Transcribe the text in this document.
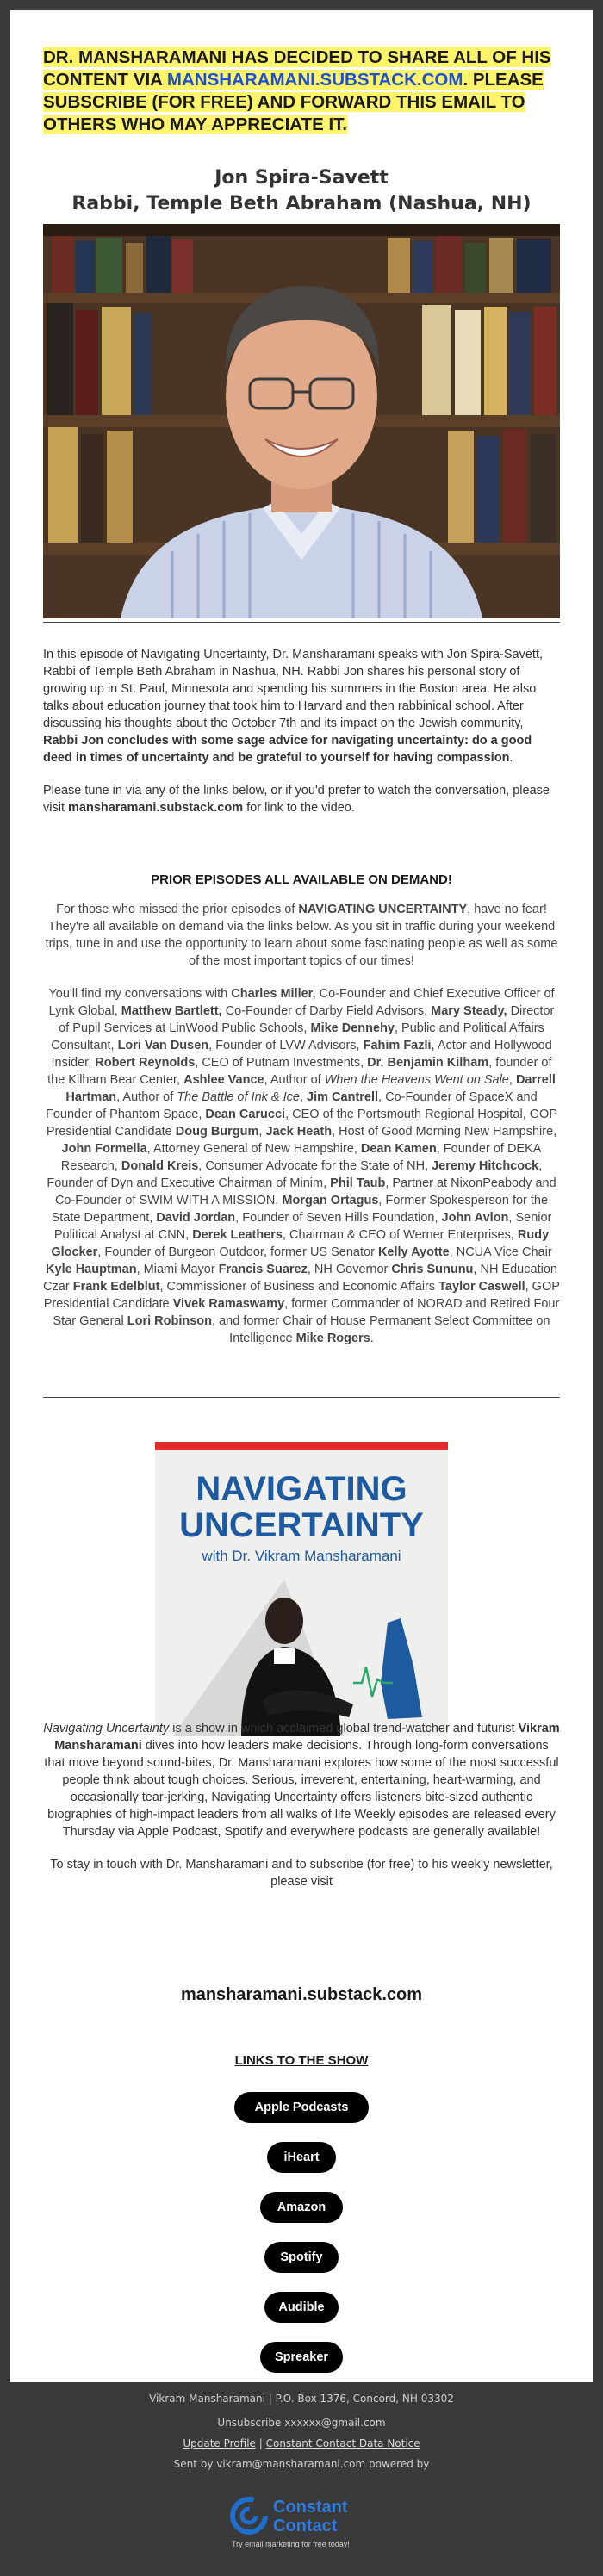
DR. MANSHARAMANI HAS DECIDED TO SHARE ALL OF HIS CONTENT VIA MANSHARAMANI.SUBSTACK.COM. PLEASE SUBSCRIBE (FOR FREE) AND FORWARD THIS EMAIL TO OTHERS WHO MAY APPRECIATE IT.
Jon Spira-Savett
Rabbi, Temple Beth Abraham (Nashua, NH)

In this episode of Navigating Uncertainty, Dr. Mansharamani speaks with Jon Spira-Savett, Rabbi of Temple Beth Abraham in Nashua, NH. Rabbi Jon shares his personal story of growing up in St. Paul, Minnesota and spending his summers in the Boston area. He also talks about education journey that took him to Harvard and then rabbinical school. After discussing his thoughts about the October 7th and its impact on the Jewish community, Rabbi Jon concludes with some sage advice for navigating uncertainty: do a good deed in times of uncertainty and be grateful to yourself for having compassion.

Please tune in via any of the links below, or if you'd prefer to watch the conversation, please visit mansharamani.substack.com for link to the video.

PRIOR EPISODES ALL AVAILABLE ON DEMAND!

For those who missed the prior episodes of NAVIGATING UNCERTAINTY, have no fear! They're all available on demand via the links below. As you sit in traffic during your weekend trips, tune in and use the opportunity to learn about some fascinating people as well as some of the most important topics of our times!

You'll find my conversations with Charles Miller, Co-Founder and Chief Executive Officer of Lynk Global, Matthew Bartlett, Co-Founder of Darby Field Advisors, Mary Steady, Director of Pupil Services at LinWood Public Schools, Mike Dennehy, Public and Political Affairs Consultant, Lori Van Dusen, Founder of LVW Advisors, Fahim Fazli, Actor and Hollywood Insider, Robert Reynolds, CEO of Putnam Investments, Dr. Benjamin Kilham, founder of the Kilham Bear Center, Ashlee Vance, Author of When the Heavens Went on Sale, Darrell Hartman, Author of The Battle of Ink & Ice, Jim Cantrell, Co-Founder of SpaceX and Founder of Phantom Space, Dean Carucci, CEO of the Portsmouth Regional Hospital, GOP Presidential Candidate Doug Burgum, Jack Heath, Host of Good Morning New Hampshire, John Formella, Attorney General of New Hampshire, Dean Kamen, Founder of DEKA Research, Donald Kreis, Consumer Advocate for the State of NH, Jeremy Hitchcock, Founder of Dyn and Executive Chairman of Minim, Phil Taub, Partner at NixonPeabody and Co-Founder of SWIM WITH A MISSION, Morgan Ortagus, Former Spokesperson for the State Department, David Jordan, Founder of Seven Hills Foundation, John Avlon, Senior Political Analyst at CNN, Derek Leathers, Chairman & CEO of Werner Enterprises, Rudy Glocker, Founder of Burgeon Outdoor, former US Senator Kelly Ayotte, NCUA Vice Chair Kyle Hauptman, Miami Mayor Francis Suarez, NH Governor Chris Sununu, NH Education Czar Frank Edelblut, Commissioner of Business and Economic Affairs Taylor Caswell, GOP Presidential Candidate Vivek Ramaswamy, former Commander of NORAD and Retired Four Star General Lori Robinson, and former Chair of House Permanent Select Committee on Intelligence Mike Rogers.

NAVIGATING
UNCERTAINTY
with Dr. Vikram Mansharamani

Navigating Uncertainty is a show in which acclaimed global trend-watcher and futurist Vikram Mansharamani dives into how leaders make decisions. Through long-form conversations that move beyond sound-bites, Dr. Mansharamani explores how some of the most successful people think about tough choices. Serious, irreverent, entertaining, heart-warming, and occasionally tear-jerking, Navigating Uncertainty offers listeners bite-sized authentic biographies of high-impact leaders from all walks of life Weekly episodes are released every Thursday via Apple Podcast, Spotify and everywhere podcasts are generally available!

To stay in touch with Dr. Mansharamani and to subscribe (for free) to his weekly newsletter, please visit

mansharamani.substack.com
LINKS TO THE SHOW
Apple Podcasts
iHeart
Amazon
Spotify
Audible
Spreaker
Vikram Mansharamani | P.O. Box 1376, Concord, NH 03302
Unsubscribe xxxxxx@gmail.com
Update Profile | Constant Contact Data Notice
Sent by vikram@mansharamani.com powered by
Constant
Contact
Try email marketing for free today!
